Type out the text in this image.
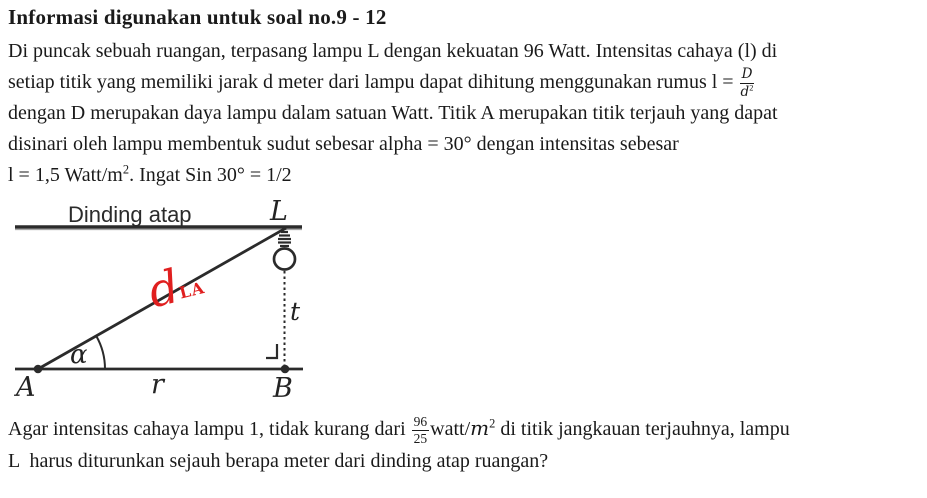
Informasi digunakan untuk soal no.9 - 12
Di puncak sebuah ruangan, terpasang lampu L dengan kekuatan 96 Watt. Intensitas cahaya (l) di
setiap titik yang memiliki jarak d meter dari lampu dapat dihitung menggunakan rumus $l = \frac{D}{d^2}$
dengan D merupakan daya lampu dalam satuan Watt. Titik A merupakan titik terjauh yang dapat
disinari oleh lampu membentuk sudut sebesar alpha = 30° dengan intensitas sebesar
l = 1,5 Watt/$m^2$. Ingat Sin 30° = 1/2
Dinding atap	L
t
α
A	r	B
d
LA
Agar intensitas cahaya lampu 1, tidak kurang dari $\frac{96}{25}$ watt/$m^2$ di titik jangkauan terjauhnya, lampu
L  harus diturunkan sejauh berapa meter dari dinding atap ruangan?
